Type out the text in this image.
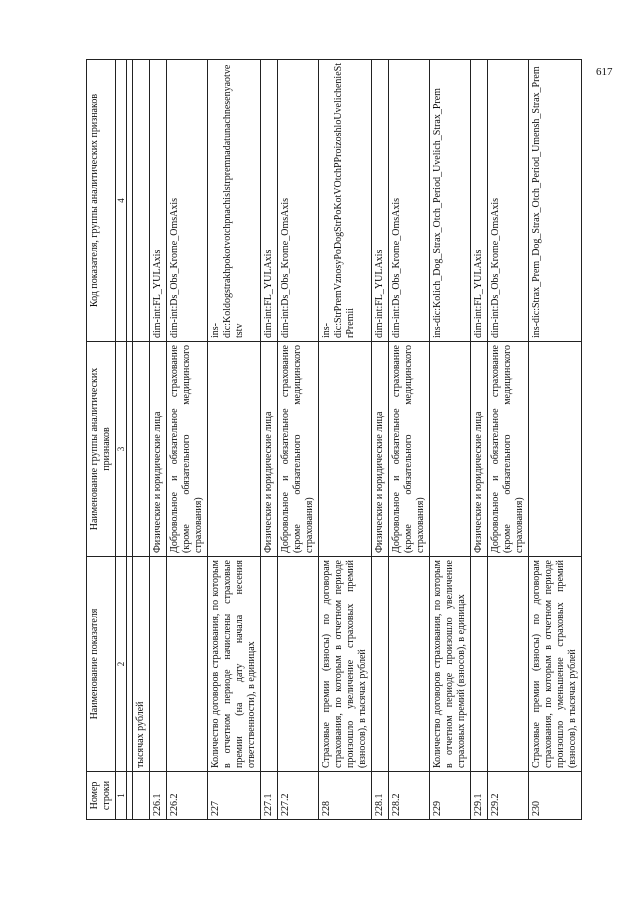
617
Номер строки	Наименование показателя	Наименование группы аналитических признаков	Код показателя, группы аналитических признаков
1	2	3	4

	тысячах рублей		
226.1		Физические и юридические лица	dim-int:FL_YULAxis
226.2		Добровольное и обязательное страхование (кроме обязательного медицинского страхования)	dim-int:Ds_Obs_Krome_OmsAxis
227	Количество договоров страхования, по которым в отчетном периоде начислены страховые премии (на дату начала несения ответственности), в единицах		ins-dic:Koldogstrakhpokotvotchpnachislstrpremnadatunachnesenyaotvetstv
227.1		Физические и юридические лица	dim-int:FL_YULAxis
227.2		Добровольное и обязательное страхование (кроме обязательного медицинского страхования)	dim-int:Ds_Obs_Krome_OmsAxis
228	Страховые премии (взносы) по договорам страхования, по которым в отчетном периоде произошло увеличение страховых премий (взносов), в тысячах рублей		ins-dic:StrPremVznosyPoDogStrPoKotVOtchPProizoshloUvelichenieStrPremii
228.1		Физические и юридические лица	dim-int:FL_YULAxis
228.2		Добровольное и обязательное страхование (кроме обязательного медицинского страхования)	dim-int:Ds_Obs_Krome_OmsAxis
229	Количество договоров страхования, по которым в отчетном периоде произошло увеличение страховых премий (взносов), в единицах		ins-dic:Kolich_Dog_Strax_Otch_Period_Uvelich_Strax_Prem
229.1		Физические и юридические лица	dim-int:FL_YULAxis
229.2		Добровольное и обязательное страхование (кроме обязательного медицинского страхования)	dim-int:Ds_Obs_Krome_OmsAxis
230	Страховые премии (взносы) по договорам страхования, по которым в отчетном периоде произошло уменьшение страховых премий (взносов), в тысячах рублей		ins-dic:Strax_Prem_Dog_Strax_Otch_Period_Umensh_Strax_Prem
